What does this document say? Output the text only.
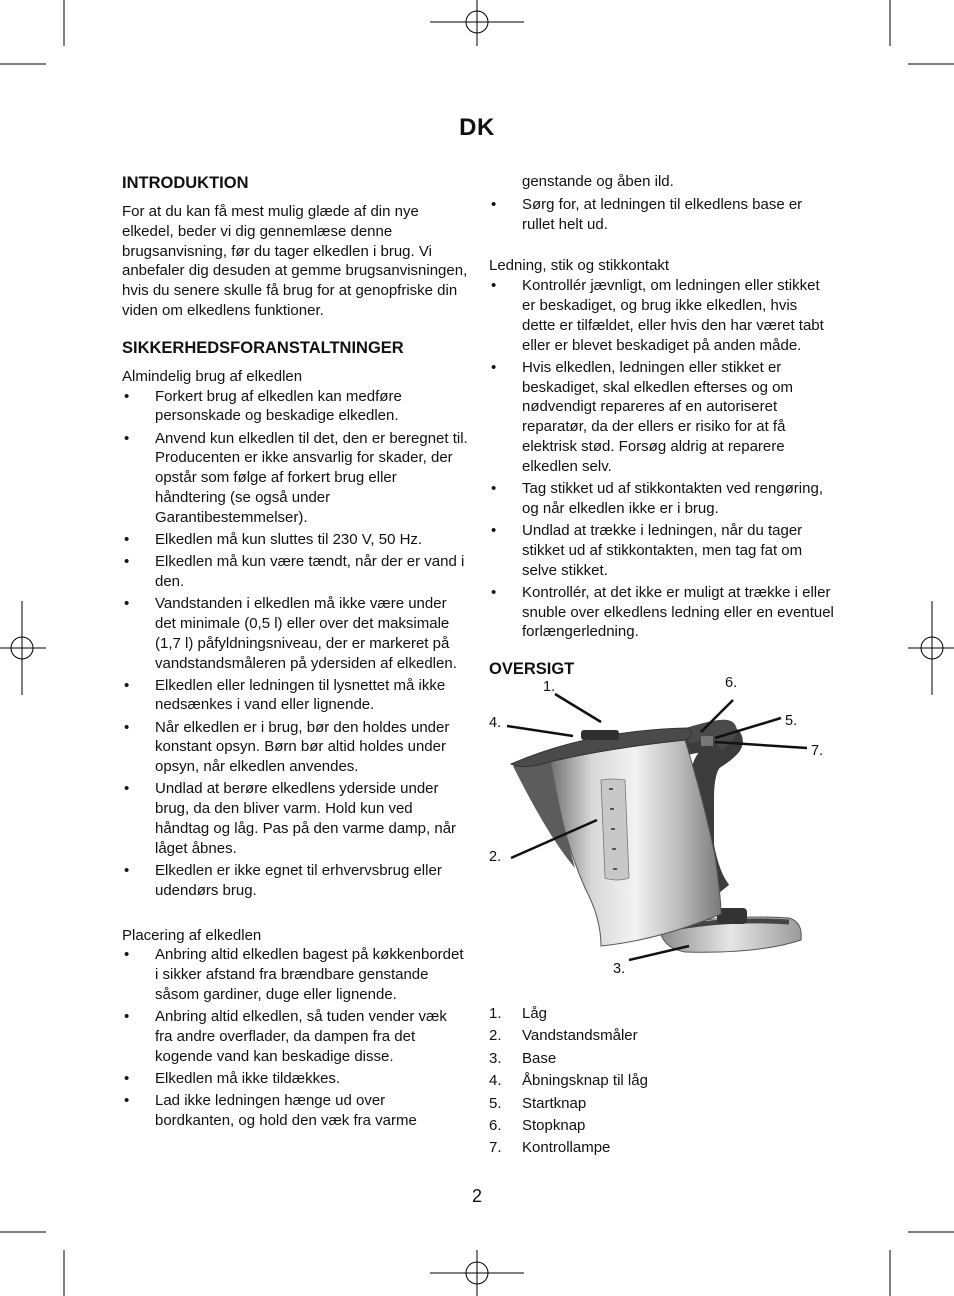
DK
INTRODUKTION

For at du kan få mest mulig glæde af din nye elkedel, beder vi dig gennemlæse denne brugsanvisning, før du tager elkedlen i brug. Vi anbefaler dig desuden at gemme brugsanvisningen, hvis du senere skulle få brug for at genopfriske din viden om elkedlens funktioner.

SIKKERHEDSFORANSTALTNINGER
Almindelig brug af elkedlen
• Forkert brug af elkedlen kan medføre personskade og beskadige elkedlen.
• Anvend kun elkedlen til det, den er beregnet til. Producenten er ikke ansvarlig for skader, der opstår som følge af forkert brug eller håndtering (se også under Garantibestemmelser).
• Elkedlen må kun sluttes til 230 V, 50 Hz.
• Elkedlen må kun være tændt, når der er vand i den.
• Vandstanden i elkedlen må ikke være under det minimale (0,5 l) eller over det maksimale (1,7 l) påfyldningsniveau, der er markeret på vandstandsmåleren på ydersiden af elkedlen.
• Elkedlen eller ledningen til lysnettet må ikke nedsænkes i vand eller lignende.
• Når elkedlen er i brug, bør den holdes under konstant opsyn. Børn bør altid holdes under opsyn, når elkedlen anvendes.
• Undlad at berøre elkedlens yderside under brug, da den bliver varm. Hold kun ved håndtag og låg. Pas på den varme damp, når låget åbnes.
• Elkedlen er ikke egnet til erhvervsbrug eller udendørs brug.
Placering af elkedlen
• Anbring altid elkedlen bagest på køkkenbordet i sikker afstand fra brændbare genstande såsom gardiner, duge eller lignende.
• Anbring altid elkedlen, så tuden vender væk fra andre overflader, da dampen fra det kogende vand kan beskadige disse.
• Elkedlen må ikke tildækkes.
• Lad ikke ledningen hænge ud over bordkanten, og hold den væk fra varme

genstande og åben ild.

• Sørg for, at ledningen til elkedlens base er rullet helt ud.
Ledning, stik og stikkontakt
• Kontrollér jævnligt, om ledningen eller stikket er beskadiget, og brug ikke elkedlen, hvis dette er tilfældet, eller hvis den har været tabt eller er blevet beskadiget på anden måde.
• Hvis elkedlen, ledningen eller stikket er beskadiget, skal elkedlen efterses og om nødvendigt repareres af en autoriseret reparatør, da der ellers er risiko for at få elektrisk stød. Forsøg aldrig at reparere elkedlen selv.
• Tag stikket ud af stikkontakten ved rengøring, og når elkedlen ikke er i brug.
• Undlad at trække i ledningen, når du tager stikket ud af stikkontakten, men tag fat om selve stikket.
• Kontrollér, at det ikke er muligt at trække i eller snuble over elkedlens ledning eller en eventuel forlængerledning.
OVERSIGT
1.
2.
3.
4.	5.
6.
7.
1.	Låg
2.	Vandstandsmåler
3.	Base
4.	Åbningsknap til låg
5.	Startknap
6.	Stopknap
7.	Kontrollampe
2
